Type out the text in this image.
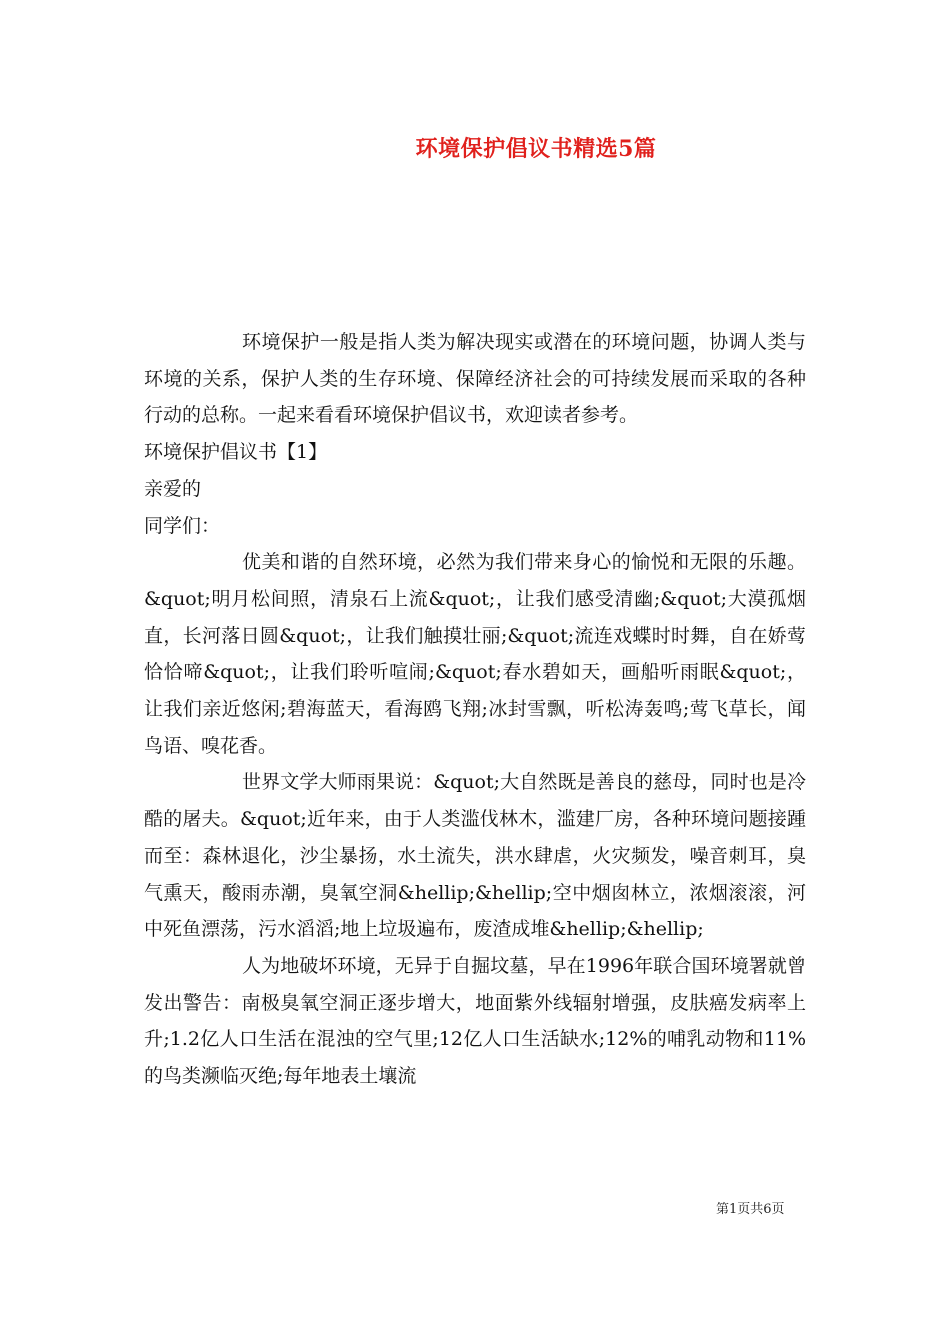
环境保护倡议书精选5篇

环境保护一般是指人类为解决现实或潜在的环境问题，协调人类与环境的关系，保护人类的生存环境、保障经济社会的可持续发展而采取的各种行动的总称。一起来看看环境保护倡议书，欢迎读者参考。

环境保护倡议书【1】

亲爱的

同学们：

优美和谐的自然环境，必然为我们带来身心的愉悦和无限的乐趣。&quot;明月松间照，清泉石上流&quot;，让我们感受清幽;&quot;大漠孤烟直，长河落日圆&quot;，让我们触摸壮丽;&quot;流连戏蝶时时舞，自在娇莺恰恰啼&quot;，让我们聆听喧闹;&quot;春水碧如天，画船听雨眠&quot;，让我们亲近悠闲;碧海蓝天，看海鸥飞翔;冰封雪飘，听松涛轰鸣;莺飞草长，闻鸟语、嗅花香。

世界文学大师雨果说：&quot;大自然既是善良的慈母，同时也是冷酷的屠夫。&quot;近年来，由于人类滥伐林木，滥建厂房，各种环境问题接踵而至：森林退化，沙尘暴扬，水土流失，洪水肆虐，火灾频发，噪音刺耳，臭气熏天，酸雨赤潮，臭氧空洞&hellip;&hellip;空中烟囱林立，浓烟滚滚，河中死鱼漂荡，污水滔滔;地上垃圾遍布，废渣成堆&hellip;&hellip;

人为地破坏环境，无异于自掘坟墓，早在1996年联合国环境署就曾发出警告：南极臭氧空洞正逐步增大，地面紫外线辐射增强，皮肤癌发病率上升;1.2亿人口生活在混浊的空气里;12亿人口生活缺水;12%的哺乳动物和11%的鸟类濒临灭绝;每年地表土壤流

第1页共6页
